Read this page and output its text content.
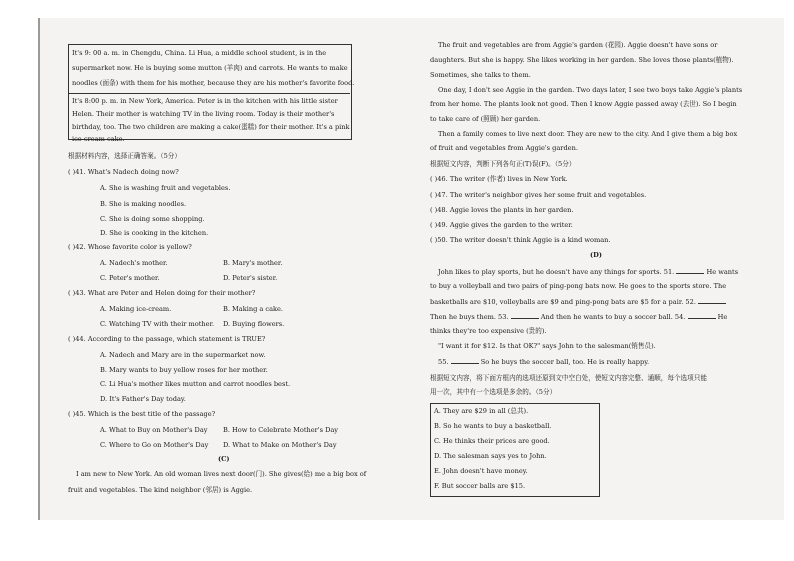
It's 9: 00 a. m. in Chengdu, China. Li Hua, a middle school student, is in the
supermarket now. He is buying some mutton (羊肉) and carrots. He wants to make
noodles (面条) with them for his mother, because they are his mother's favorite food.
It's 8:00 p. m. in New York, America. Peter is in the kitchen with his little sister
Helen. Their mother is watching TV in the living room. Today is their mother's
birthday, too. The two children are making a cake(蛋糕) for their mother. It's a pink
ice-cream cake.
根据材料内容，选择正确答案。（5分）
( )41. What's Nadech doing now?
A. She is washing fruit and vegetables.
B. She is making noodles.
C. She is doing some shopping.
D. She is cooking in the kitchen.
( )42. Whose favorite color is yellow?
A. Nadech's mother.	B. Mary's mother.
C. Peter's mother.	D. Peter's sister.
( )43. What are Peter and Helen doing for their mother?
A. Making ice-cream.	B. Making a cake.
C. Watching TV with their mother. D. Buying flowers.
( )44. According to the passage, which statement is TRUE?
A. Nadech and Mary are in the supermarket now.
B. Mary wants to buy yellow roses for her mother.
C. Li Hua's mother likes mutton and carrot noodles best.
D. It's Father's Day today.
( )45. Which is the best title of the passage?
A. What to Buy on Mother's Day B. How to Celebrate Mother's Day
C. Where to Go on Mother's Day D. What to Make on Mother's Day
(C)
I am new to New York. An old woman lives next door(门). She gives(给) me a big box of
fruit and vegetables. The kind neighbor (邻居) is Aggie.
The fruit and vegetables are from Aggie's garden (花园). Aggie doesn't have sons or
daughters. But she is happy. She likes working in her garden. She loves those plants(植物).
Sometimes, she talks to them.
One day, I don't see Aggie in the garden. Two days later, I see two boys take Aggie's plants
from her home. The plants look not good. Then I know Aggie passed away (去世). So I begin
to take care of (照顾) her garden.
Then a family comes to live next door. They are new to the city. And I give them a big box
of fruit and vegetables from Aggie's garden.
根据短文内容，判断下列各句正(T)误(F)。（5分）
( )46. The writer (作者) lives in New York.
( )47. The writer's neighbor gives her some fruit and vegetables.
( )48. Aggie loves the plants in her garden.
( )49. Aggie gives the garden to the writer.
( )50. The writer doesn't think Aggie is a kind woman.
(D)
John likes to play sports, but he doesn't have any things for sports. 51.	He wants
to buy a volleyball and two pairs of ping-pong bats now. He goes to the sports store. The
basketballs are $10, volleyballs are $9 and ping-pong bats are $5 for a pair. 52.
Then he buys them. 53.	And then he wants to buy a soccer ball. 54.	He
thinks they're too expensive (贵的).
"I want it for $12. Is that OK?" says John to the salesman(销售员).
55.	So he buys the soccer ball, too. He is really happy.
根据短文内容，将下面方框内的选项还原到文中空白处，使短文内容完整、通顺，每个选项只能
用一次，其中有一个选项是多余的。（5分）
A. They are $29 in all (总共).
B. So he wants to buy a basketball.
C. He thinks their prices are good.
D. The salesman says yes to John.
E. John doesn't have money.
F. But soccer balls are $15.
